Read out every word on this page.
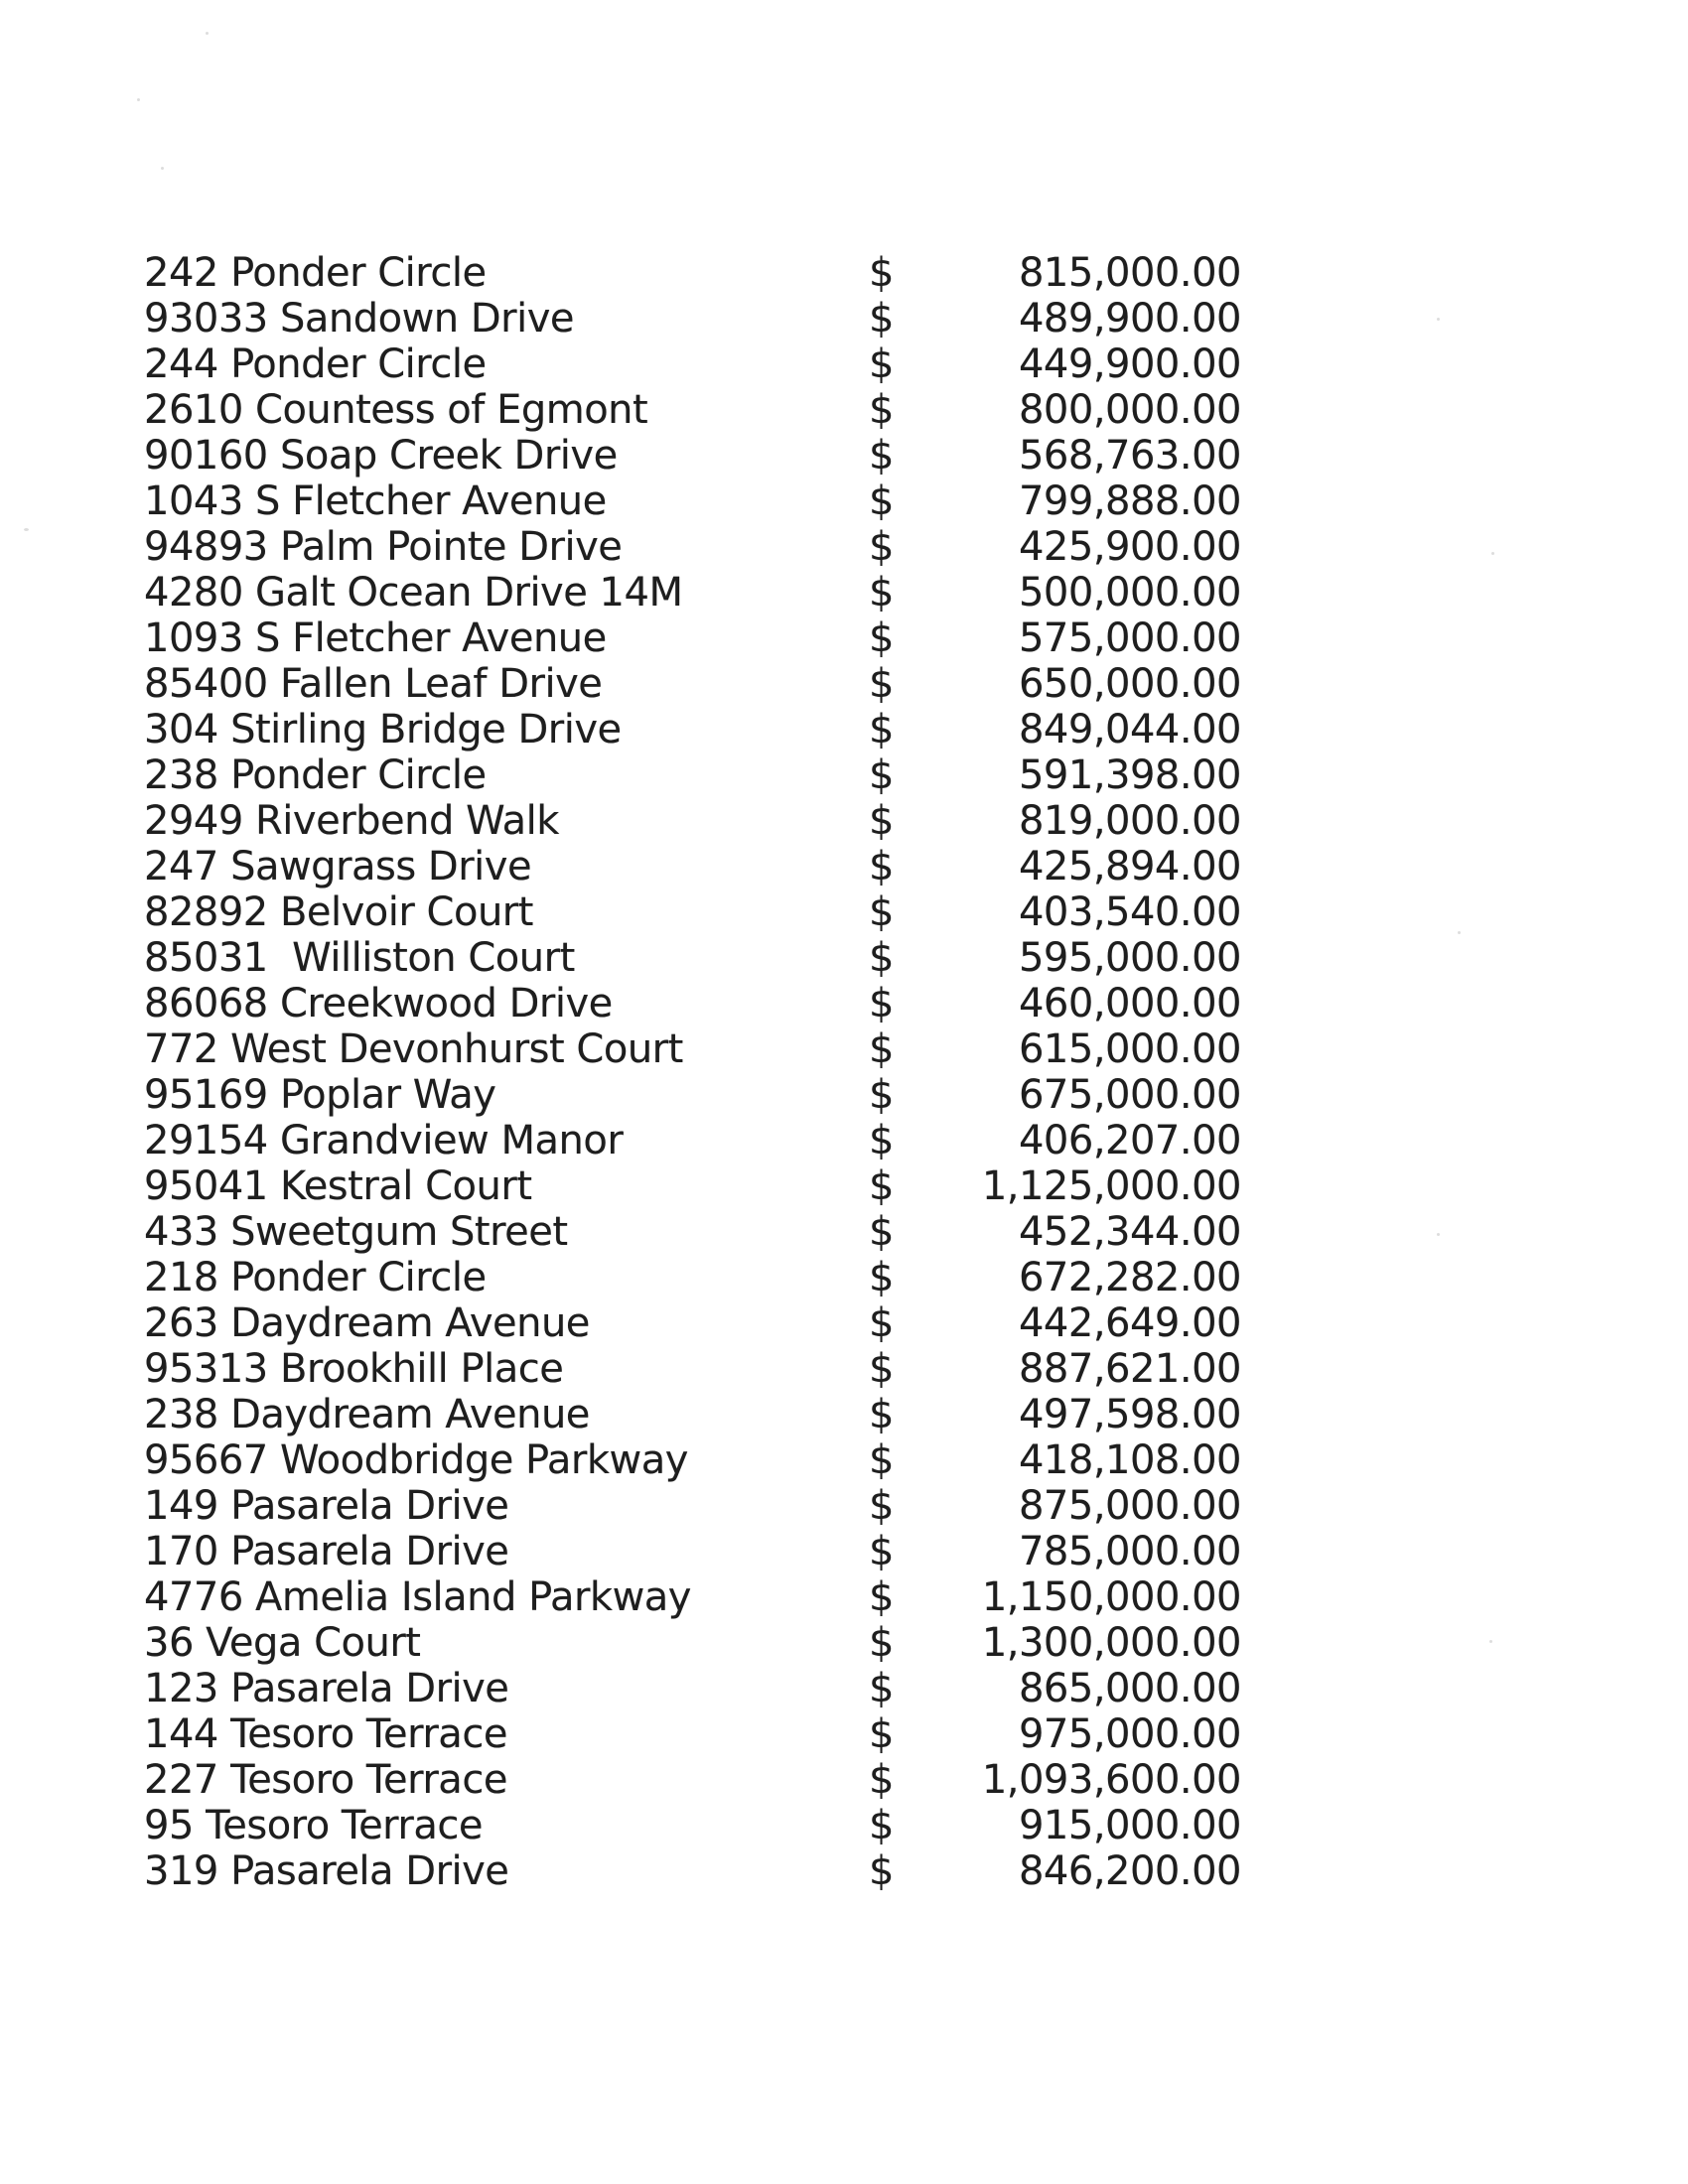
242 Ponder Circle	$	815,000.00
93033 Sandown Drive	$	489,900.00
244 Ponder Circle	$	449,900.00
2610 Countess of Egmont	$	800,000.00
90160 Soap Creek Drive	$	568,763.00
1043 S Fletcher Avenue	$	799,888.00
94893 Palm Pointe Drive	$	425,900.00
4280 Galt Ocean Drive 14M	$	500,000.00
1093 S Fletcher Avenue	$	575,000.00
85400 Fallen Leaf Drive	$	650,000.00
304 Stirling Bridge Drive	$	849,044.00
238 Ponder Circle	$	591,398.00
2949 Riverbend Walk	$	819,000.00
247 Sawgrass Drive	$	425,894.00
82892 Belvoir Court	$	403,540.00
85031  Williston Court	$	595,000.00
86068 Creekwood Drive	$	460,000.00
772 West Devonhurst Court	$	615,000.00
95169 Poplar Way	$	675,000.00
29154 Grandview Manor	$	406,207.00
95041 Kestral Court	$ 1,125,000.00
433 Sweetgum Street	$	452,344.00
218 Ponder Circle	$	672,282.00
263 Daydream Avenue	$	442,649.00
95313 Brookhill Place	$	887,621.00
238 Daydream Avenue	$	497,598.00
95667 Woodbridge Parkway	$	418,108.00
149 Pasarela Drive	$	875,000.00
170 Pasarela Drive	$	785,000.00
4776 Amelia Island Parkway	$ 1,150,000.00
36 Vega Court	$ 1,300,000.00
123 Pasarela Drive	$	865,000.00
144 Tesoro Terrace	$	975,000.00
227 Tesoro Terrace	$ 1,093,600.00
95 Tesoro Terrace	$	915,000.00
319 Pasarela Drive	$	846,200.00
